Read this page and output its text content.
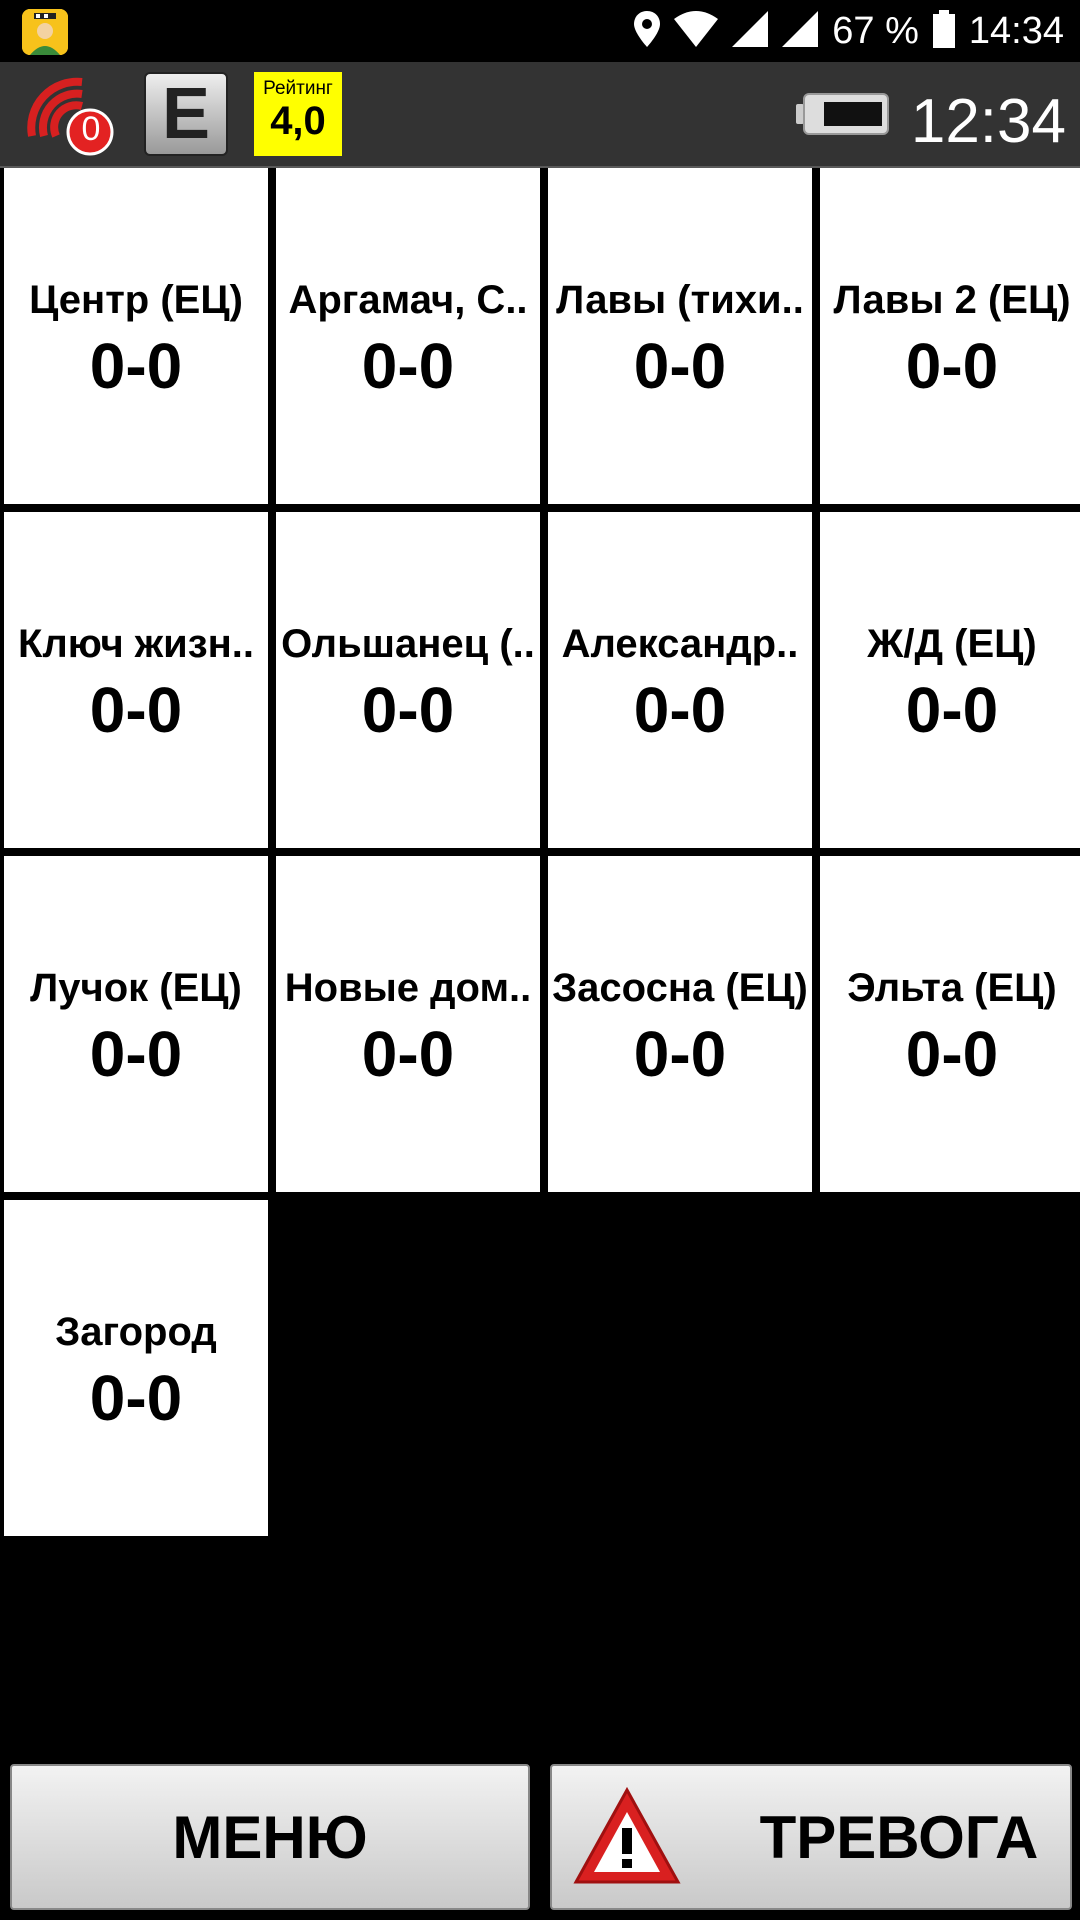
67 % 14:34
0 E	Рейтинг
4,0	12:34
Центр (ЕЦ)
0-0
Аргамач, С..
0-0
Лавы (тихи..
0-0
Лавы 2 (ЕЦ)
0-0
Ключ жизн..
0-0
Ольшанец (..
0-0
Александр..
0-0
Ж/Д (ЕЦ)
0-0
Лучок (ЕЦ)
0-0
Новые дом..
0-0
Засосна (ЕЦ)
0-0
Эльта (ЕЦ)
0-0
Загород
0-0
МЕНЮ	ТРЕВОГА
